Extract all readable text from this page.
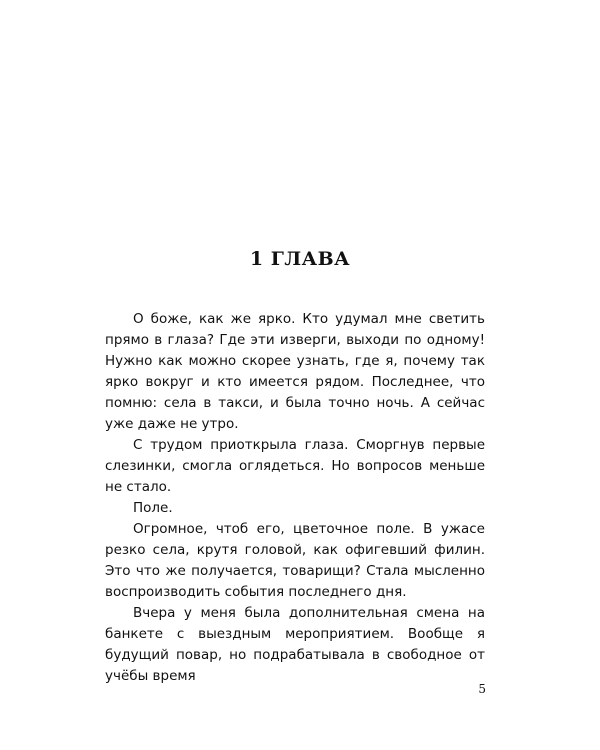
1 ГЛАВА

О боже, как же ярко. Кто удумал мне светить прямо в глаза? Где эти изверги, выходи по одному! Нужно как можно скорее узнать, где я, почему так ярко вокруг и кто имеется рядом. Последнее, что помню: села в такси, и была точно ночь. А сейчас уже даже не утро.

С трудом приоткрыла глаза. Сморгнув первые слезинки, смогла оглядеться. Но вопросов меньше не стало.

Поле.

Огромное, чтоб его, цветочное поле. В ужасе резко села, крутя головой, как офигевший филин. Это что же получается, товарищи? Стала мысленно воспроизводить события последнего дня.

Вчера у меня была дополнительная смена на банкете с выездным мероприятием. Вообще я будущий повар, но подрабатывала в свободное от учёбы время

5
